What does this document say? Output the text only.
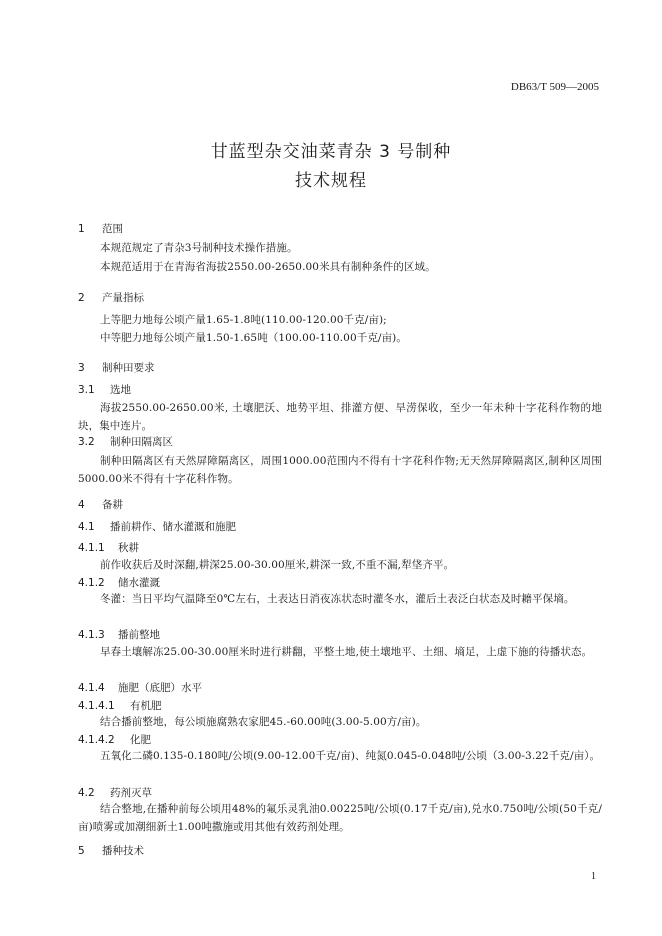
DB63/T 509—2005
甘蓝型杂交油菜青杂 3 号制种
技术规程
1 范围
本规范规定了青杂3号制种技术操作措施。
本规范适用于在青海省海拔2550.00-2650.00米具有制种条件的区域。
2 产量指标
上等肥力地每公顷产量1.65-1.8吨(110.00-120.00千克/亩);
中等肥力地每公顷产量1.50-1.65吨（100.00-110.00千克/亩)。
3 制种田要求
3.1 选地
海拔2550.00-2650.00米, 土壤肥沃、地势平坦、排灌方便、旱涝保收，至少一年未种十字花科作物的地块，集中连片。
3.2 制种田隔离区
制种田隔离区有天然屏障隔离区，周围1000.00范围内不得有十字花科作物;无天然屏障隔离区,制种区周围5000.00米不得有十字花科作物。
4 备耕
4.1 播前耕作、储水灌溉和施肥
4.1.1 秋耕
前作收获后及时深翻,耕深25.00-30.00厘米,耕深一致,不重不漏,犁垡齐平。
4.1.2 储水灌溉
冬灌：当日平均气温降至0℃左右，土表达日消夜冻状态时灌冬水，灌后土表泛白状态及时耱平保墒。
4.1.3 播前整地
早春土壤解冻25.00-30.00厘米时进行耕翻，平整土地,使土壤地平、土细、墒足，上虚下施的待播状态。
4.1.4 施肥（底肥）水平
4.1.4.1 有机肥
结合播前整地，每公顷施腐熟农家肥45.-60.00吨(3.00-5.00方/亩)。
4.1.4.2 化肥
五氧化二磷0.135-0.180吨/公顷(9.00-12.00千克/亩)、纯氮0.045-0.048吨/公顷（3.00-3.22千克/亩）。
4.2 药剂灭草
结合整地,在播种前每公顷用48%的氟乐灵乳油0.00225吨/公顷(0.17千克/亩),兑水0.750吨/公顷(50千克/亩)喷雾或加潮细新土1.00吨撒施或用其他有效药剂处理。
5 播种技术
1
